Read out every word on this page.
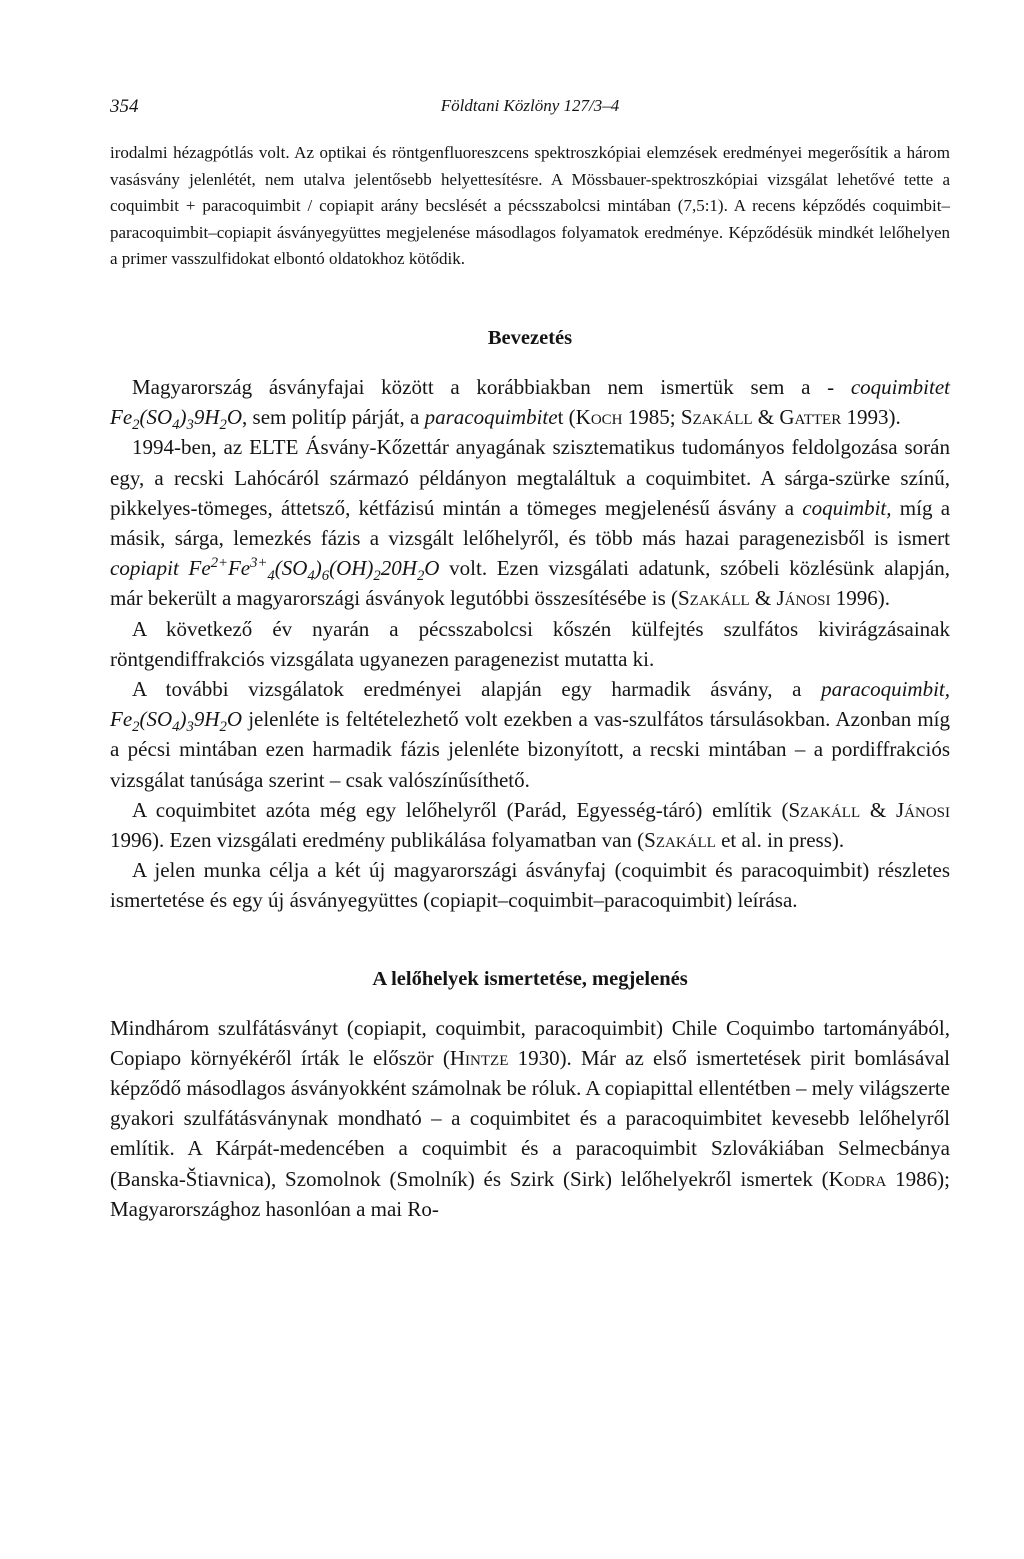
354	Földtani Közlöny 127/3–4

irodalmi hézagpótlás volt. Az optikai és röntgenfluoreszcens spektroszkópiai elemzések eredményei megerősítik a három vasásvány jelenlétét, nem utalva jelentősebb helyettesítésre. A Mössbauer-spektroszkópiai vizsgálat lehetővé tette a coquimbit + paracoquimbit / copiapit arány becslését a pécsszabolcsi mintában (7,5:1). A recens képződés coquimbit–paracoquimbit–copiapit ásványegyüttes megjelenése másodlagos folyamatok eredménye. Képződésük mindkét lelőhelyen a primer vasszulfidokat elbontó oldatokhoz kötődik.

Bevezetés

Magyarország ásványfajai között a korábbiakban nem ismertük sem a - coquimbitet $Fe_2(SO_4)_39H_2O$, sem politíp párját, a paracoquimbitet (Koch 1985; Szakáll & Gatter 1993).

1994-ben, az ELTE Ásvány-Kőzettár anyagának szisztematikus tudományos feldolgozása során egy, a recski Lahócáról származó példányon megtaláltuk a coquimbitet. A sárga-szürke színű, pikkelyes-tömeges, áttetsző, kétfázisú mintán a tömeges megjelenésű ásvány a coquimbit, míg a másik, sárga, lemezkés fázis a vizsgált lelőhelyről, és több más hazai paragenezisből is ismert copiapit $Fe^{2+}Fe^{3+}_4(SO_4)_6(OH)_220H_2O$ volt. Ezen vizsgálati adatunk, szóbeli közlésünk alapján, már bekerült a magyarországi ásványok legutóbbi összesítésébe is (Szakáll & Jánosi 1996).

A következő év nyarán a pécsszabolcsi kőszén külfejtés szulfátos kivirágzásainak röntgendiffrakciós vizsgálata ugyanezen paragenezist mutatta ki.

A további vizsgálatok eredményei alapján egy harmadik ásvány, a paracoquimbit, $Fe_2(SO_4)_39H_2O$ jelenléte is feltételezhető volt ezekben a vas-szulfátos társulásokban. Azonban míg a pécsi mintában ezen harmadik fázis jelenléte bizonyított, a recski mintában – a pordiffrakciós vizsgálat tanúsága szerint – csak valószínűsíthető.

A coquimbitet azóta még egy lelőhelyről (Parád, Egyesség-táró) említik (Szakáll & Jánosi 1996). Ezen vizsgálati eredmény publikálása folyamatban van (Szakáll et al. in press).

A jelen munka célja a két új magyarországi ásványfaj (coquimbit és paracoquimbit) részletes ismertetése és egy új ásványegyüttes (copiapit–coquimbit–paracoquimbit) leírása.

A lelőhelyek ismertetése, megjelenés

Mindhárom szulfátásványt (copiapit, coquimbit, paracoquimbit) Chile Coquimbo tartományából, Copiapo környékéről írták le először (Hintze 1930). Már az első ismertetések pirit bomlásával képződő másodlagos ásványokként számolnak be róluk. A copiapittal ellentétben – mely világszerte gyakori szulfátásványnak mondható – a coquimbitet és a paracoquimbitet kevesebb lelőhelyről említik. A Kárpát-medencében a coquimbit és a paracoquimbit Szlovákiában Selmecbánya (Banska-Štiavnica), Szomolnok (Smolník) és Szirk (Sirk) lelőhelyekről ismertek (Kodra 1986); Magyarországhoz hasonlóan a mai Ro-
